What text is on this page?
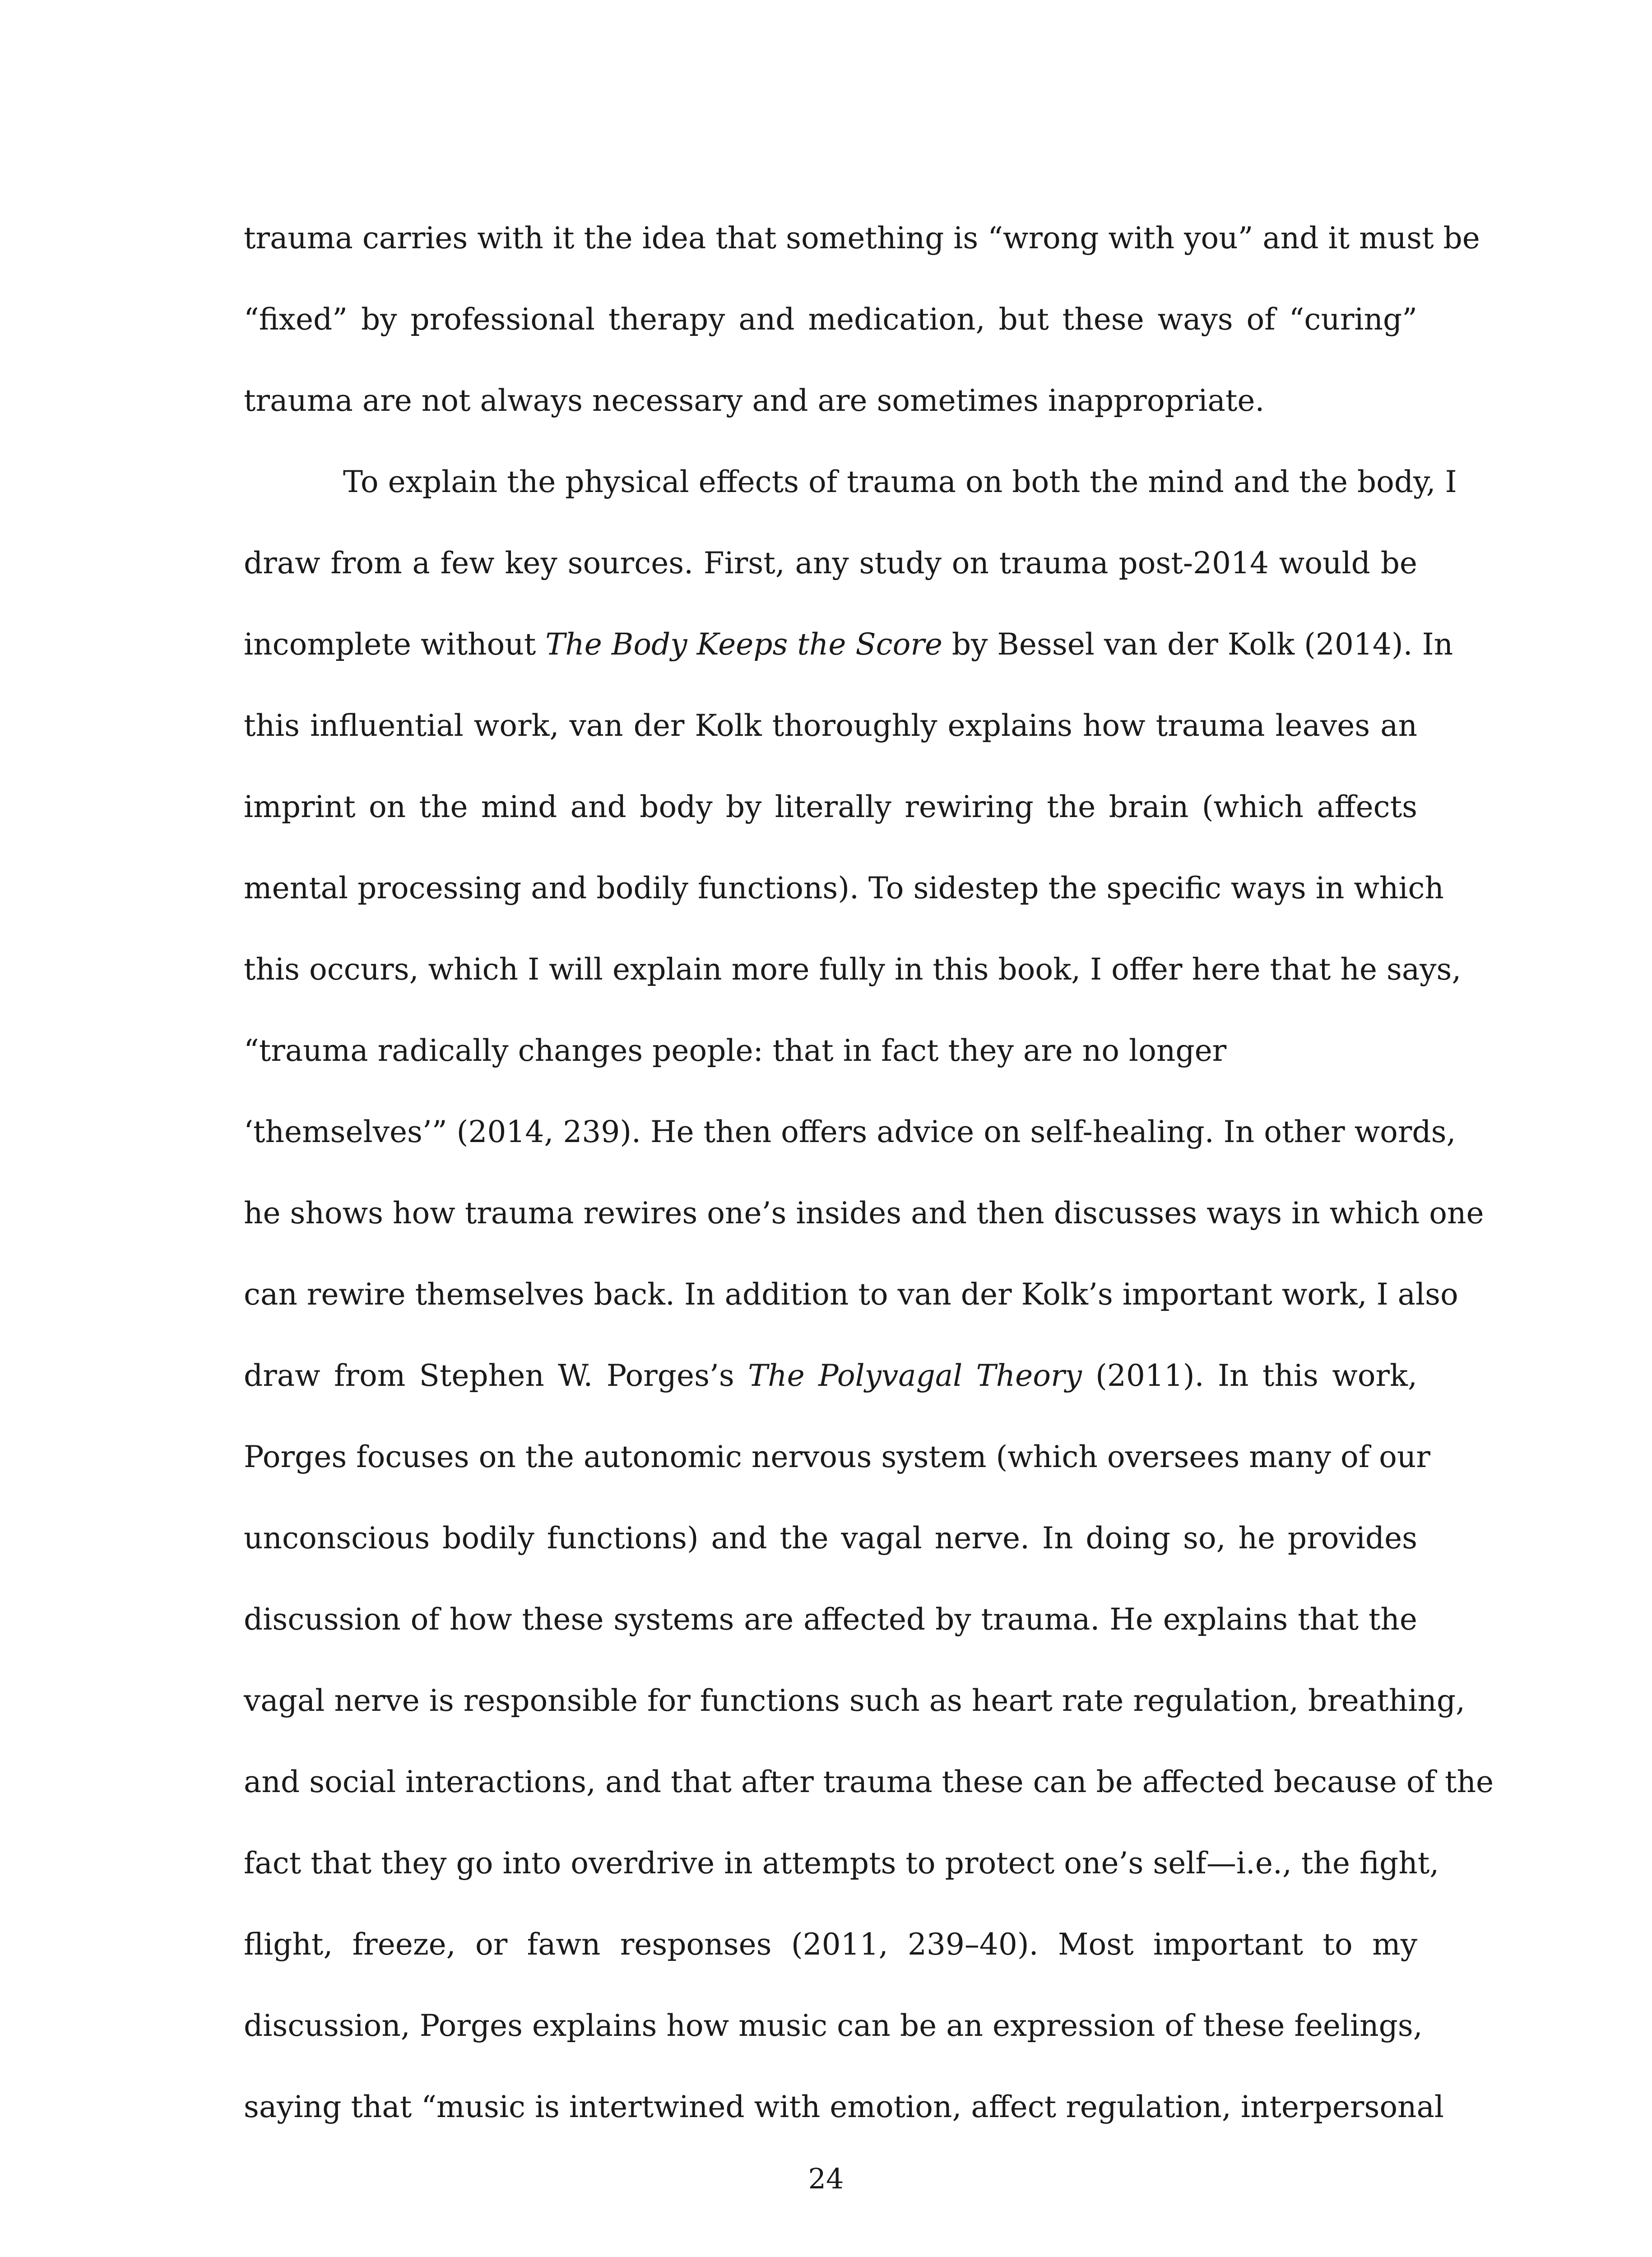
trauma carries with it the idea that something is “wrong with you” and it must be
“fixed” by professional therapy and medication, but these ways of “curing”
trauma are not always necessary and are sometimes inappropriate.
To explain the physical effects of trauma on both the mind and the body, I
draw from a few key sources. First, any study on trauma post-2014 would be
incomplete without The Body Keeps the Score by Bessel van der Kolk (2014). In
this influential work, van der Kolk thoroughly explains how trauma leaves an
imprint on the mind and body by literally rewiring the brain (which affects
mental processing and bodily functions). To sidestep the specific ways in which
this occurs, which I will explain more fully in this book, I offer here that he says,
“trauma radically changes people: that in fact they are no longer
‘themselves’” (2014, 239). He then offers advice on self-healing. In other words,
he shows how trauma rewires one’s insides and then discusses ways in which one
can rewire themselves back. In addition to van der Kolk’s important work, I also
draw from Stephen W. Porges’s The Polyvagal Theory (2011). In this work,
Porges focuses on the autonomic nervous system (which oversees many of our
unconscious bodily functions) and the vagal nerve. In doing so, he provides
discussion of how these systems are affected by trauma. He explains that the
vagal nerve is responsible for functions such as heart rate regulation, breathing,
and social interactions, and that after trauma these can be affected because of the
fact that they go into overdrive in attempts to protect one’s self—i.e., the fight,
flight, freeze, or fawn responses (2011, 239–40). Most important to my
discussion, Porges explains how music can be an expression of these feelings,
saying that “music is intertwined with emotion, affect regulation, interpersonal
24
